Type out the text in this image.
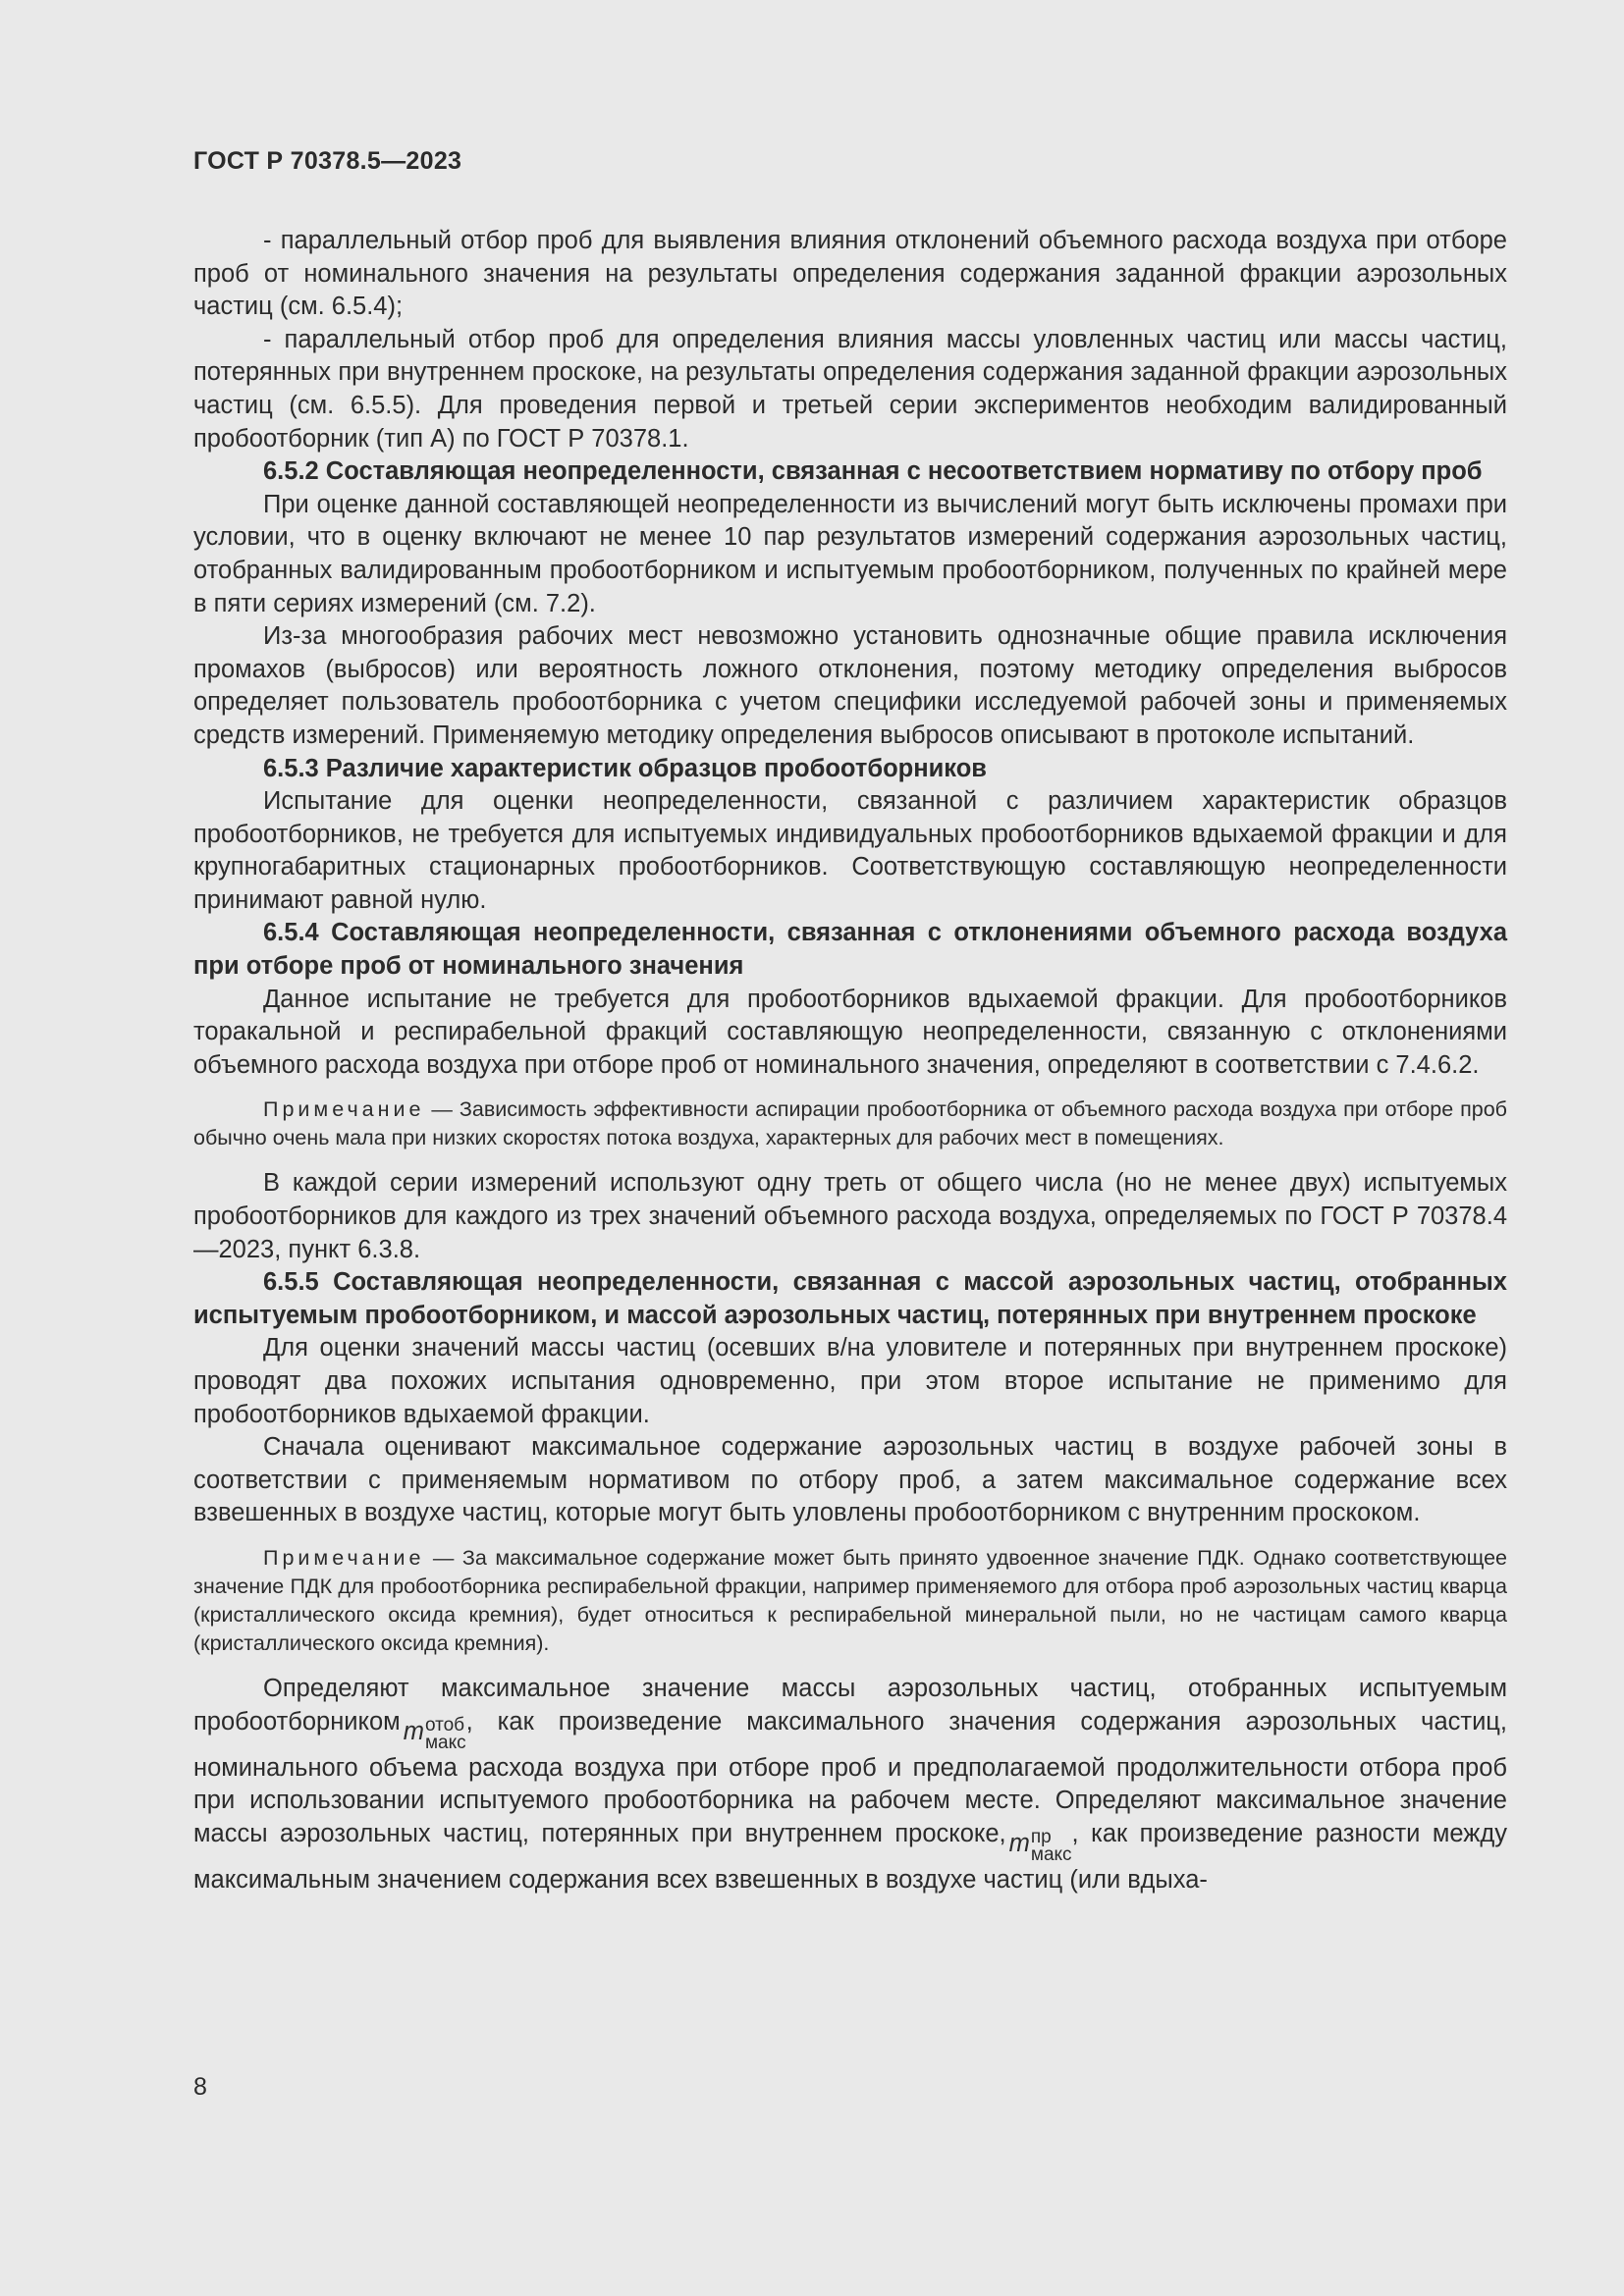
ГОСТ Р 70378.5—2023

- параллельный отбор проб для выявления влияния отклонений объемного расхода воздуха при отборе проб от номинального значения на результаты определения содержания заданной фракции аэрозольных частиц (см. 6.5.4);

- параллельный отбор проб для определения влияния массы уловленных частиц или массы частиц, потерянных при внутреннем проскоке, на результаты определения содержания заданной фракции аэрозольных частиц (см. 6.5.5). Для проведения первой и третьей серии экспериментов необходим валидированный пробоотборник (тип А) по ГОСТ Р 70378.1.

6.5.2 Составляющая неопределенности, связанная с несоответствием нормативу по отбору проб

При оценке данной составляющей неопределенности из вычислений могут быть исключены промахи при условии, что в оценку включают не менее 10 пар результатов измерений содержания аэрозольных частиц, отобранных валидированным пробоотборником и испытуемым пробоотборником, полученных по крайней мере в пяти сериях измерений (см. 7.2).

Из-за многообразия рабочих мест невозможно установить однозначные общие правила исключения промахов (выбросов) или вероятность ложного отклонения, поэтому методику определения выбросов определяет пользователь пробоотборника с учетом специфики исследуемой рабочей зоны и применяемых средств измерений. Применяемую методику определения выбросов описывают в протоколе испытаний.

6.5.3 Различие характеристик образцов пробоотборников

Испытание для оценки неопределенности, связанной с различием характеристик образцов пробоотборников, не требуется для испытуемых индивидуальных пробоотборников вдыхаемой фракции и для крупногабаритных стационарных пробоотборников. Соответствующую составляющую неопределенности принимают равной нулю.

6.5.4 Составляющая неопределенности, связанная с отклонениями объемного расхода воздуха при отборе проб от номинального значения

Данное испытание не требуется для пробоотборников вдыхаемой фракции. Для пробоотборников торакальной и респирабельной фракций составляющую неопределенности, связанную с отклонениями объемного расхода воздуха при отборе проб от номинального значения, определяют в соответствии с 7.4.6.2.

Примечание — Зависимость эффективности аспирации пробоотборника от объемного расхода воздуха при отборе проб обычно очень мала при низких скоростях потока воздуха, характерных для рабочих мест в помещениях.

В каждой серии измерений используют одну треть от общего числа (но не менее двух) испытуемых пробоотборников для каждого из трех значений объемного расхода воздуха, определяемых по ГОСТ Р 70378.4—2023, пункт 6.3.8.

6.5.5 Составляющая неопределенности, связанная с массой аэрозольных частиц, отобранных испытуемым пробоотборником, и массой аэрозольных частиц, потерянных при внутреннем проскоке

Для оценки значений массы частиц (осевших в/на уловителе и потерянных при внутреннем проскоке) проводят два похожих испытания одновременно, при этом второе испытание не применимо для пробоотборников вдыхаемой фракции.

Сначала оценивают максимальное содержание аэрозольных частиц в воздухе рабочей зоны в соответствии с применяемым нормативом по отбору проб, а затем максимальное содержание всех взвешенных в воздухе частиц, которые могут быть уловлены пробоотборником с внутренним проскоком.

Примечание — За максимальное содержание может быть принято удвоенное значение ПДК. Однако соответствующее значение ПДК для пробоотборника респирабельной фракции, например применяемого для отбора проб аэрозольных частиц кварца (кристаллического оксида кремния), будет относиться к респирабельной минеральной пыли, но не частицам самого кварца (кристаллического оксида кремния).

Определяют максимальное значение массы аэрозольных частиц, отобранных испытуемым пробоотборником m отоб
макс
, как произведение максимального значения содержания аэрозольных частиц, номинального объема расхода воздуха при отборе проб и предполагаемой продолжительности отбора проб при использовании испытуемого пробоотборника на рабочем месте. Определяют максимальное значение массы аэрозольных частиц, потерянных при внутреннем проскоке, m пр
макс
, как произведение разности между максимальным значением содержания всех взвешенных в воздухе частиц (или вдыха-

8
